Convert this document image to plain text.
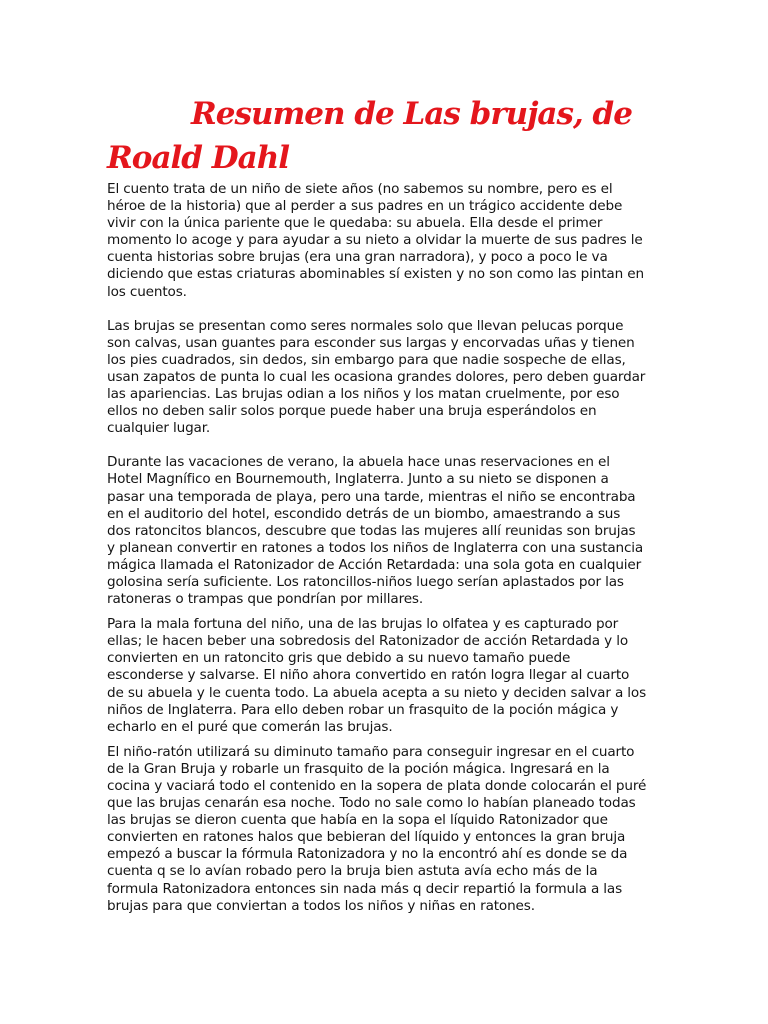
Resumen de Las brujas, de
Roald Dahl

El cuento trata de un niño de siete años (no sabemos su nombre, pero es el héroe de la historia) que al perder a sus padres en un trágico accidente debe vivir con la única pariente que le quedaba: su abuela. Ella desde el primer momento lo acoge y para ayudar a su nieto a olvidar la muerte de sus padres le cuenta historias sobre brujas (era una gran narradora), y poco a poco le va diciendo que estas criaturas abominables sí existen y no son como las pintan en los cuentos.

Las brujas se presentan como seres normales solo que llevan pelucas porque son calvas, usan guantes para esconder sus largas y encorvadas uñas y tienen los pies cuadrados, sin dedos, sin embargo para que nadie sospeche de ellas, usan zapatos de punta lo cual les ocasiona grandes dolores, pero deben guardar las apariencias. Las brujas odian a los niños y los matan cruelmente, por eso ellos no deben salir solos porque puede haber una bruja esperándolos en cualquier lugar.

Durante las vacaciones de verano, la abuela hace unas reservaciones en el Hotel Magnífico en Bournemouth, Inglaterra. Junto a su nieto se disponen a pasar una temporada de playa, pero una tarde, mientras el niño se encontraba en el auditorio del hotel, escondido detrás de un biombo, amaestrando a sus dos ratoncitos blancos, descubre que todas las mujeres allí reunidas son brujas y planean convertir en ratones a todos los niños de Inglaterra con una sustancia mágica llamada el Ratonizador de Acción Retardada: una sola gota en cualquier golosina sería suficiente. Los ratoncillos-niños luego serían aplastados por las ratoneras o trampas que pondrían por millares.

Para la mala fortuna del niño, una de las brujas lo olfatea y es capturado por ellas; le hacen beber una sobredosis del Ratonizador de acción Retardada y lo convierten en un ratoncito gris que debido a su nuevo tamaño puede esconderse y salvarse. El niño ahora convertido en ratón logra llegar al cuarto de su abuela y le cuenta todo. La abuela acepta a su nieto y deciden salvar a los niños de Inglaterra. Para ello deben robar un frasquito de la poción mágica y echarlo en el puré que comerán las brujas.

El niño-ratón utilizará su diminuto tamaño para conseguir ingresar en el cuarto de la Gran Bruja y robarle un frasquito de la poción mágica. Ingresará en la cocina y vaciará todo el contenido en la sopera de plata donde colocarán el puré que las brujas cenarán esa noche. Todo no sale como lo habían planeado todas las brujas se dieron cuenta que había en la sopa el líquido Ratonizador que convierten en ratones halos que bebieran del líquido y entonces la gran bruja empezó a buscar la fórmula Ratonizadora y no la encontró ahí es donde se da cuenta q se lo avían robado pero la bruja bien astuta avía echo más de la formula Ratonizadora entonces sin nada más q decir repartió la formula a las brujas para que conviertan a todos los niños y niñas en ratones.
